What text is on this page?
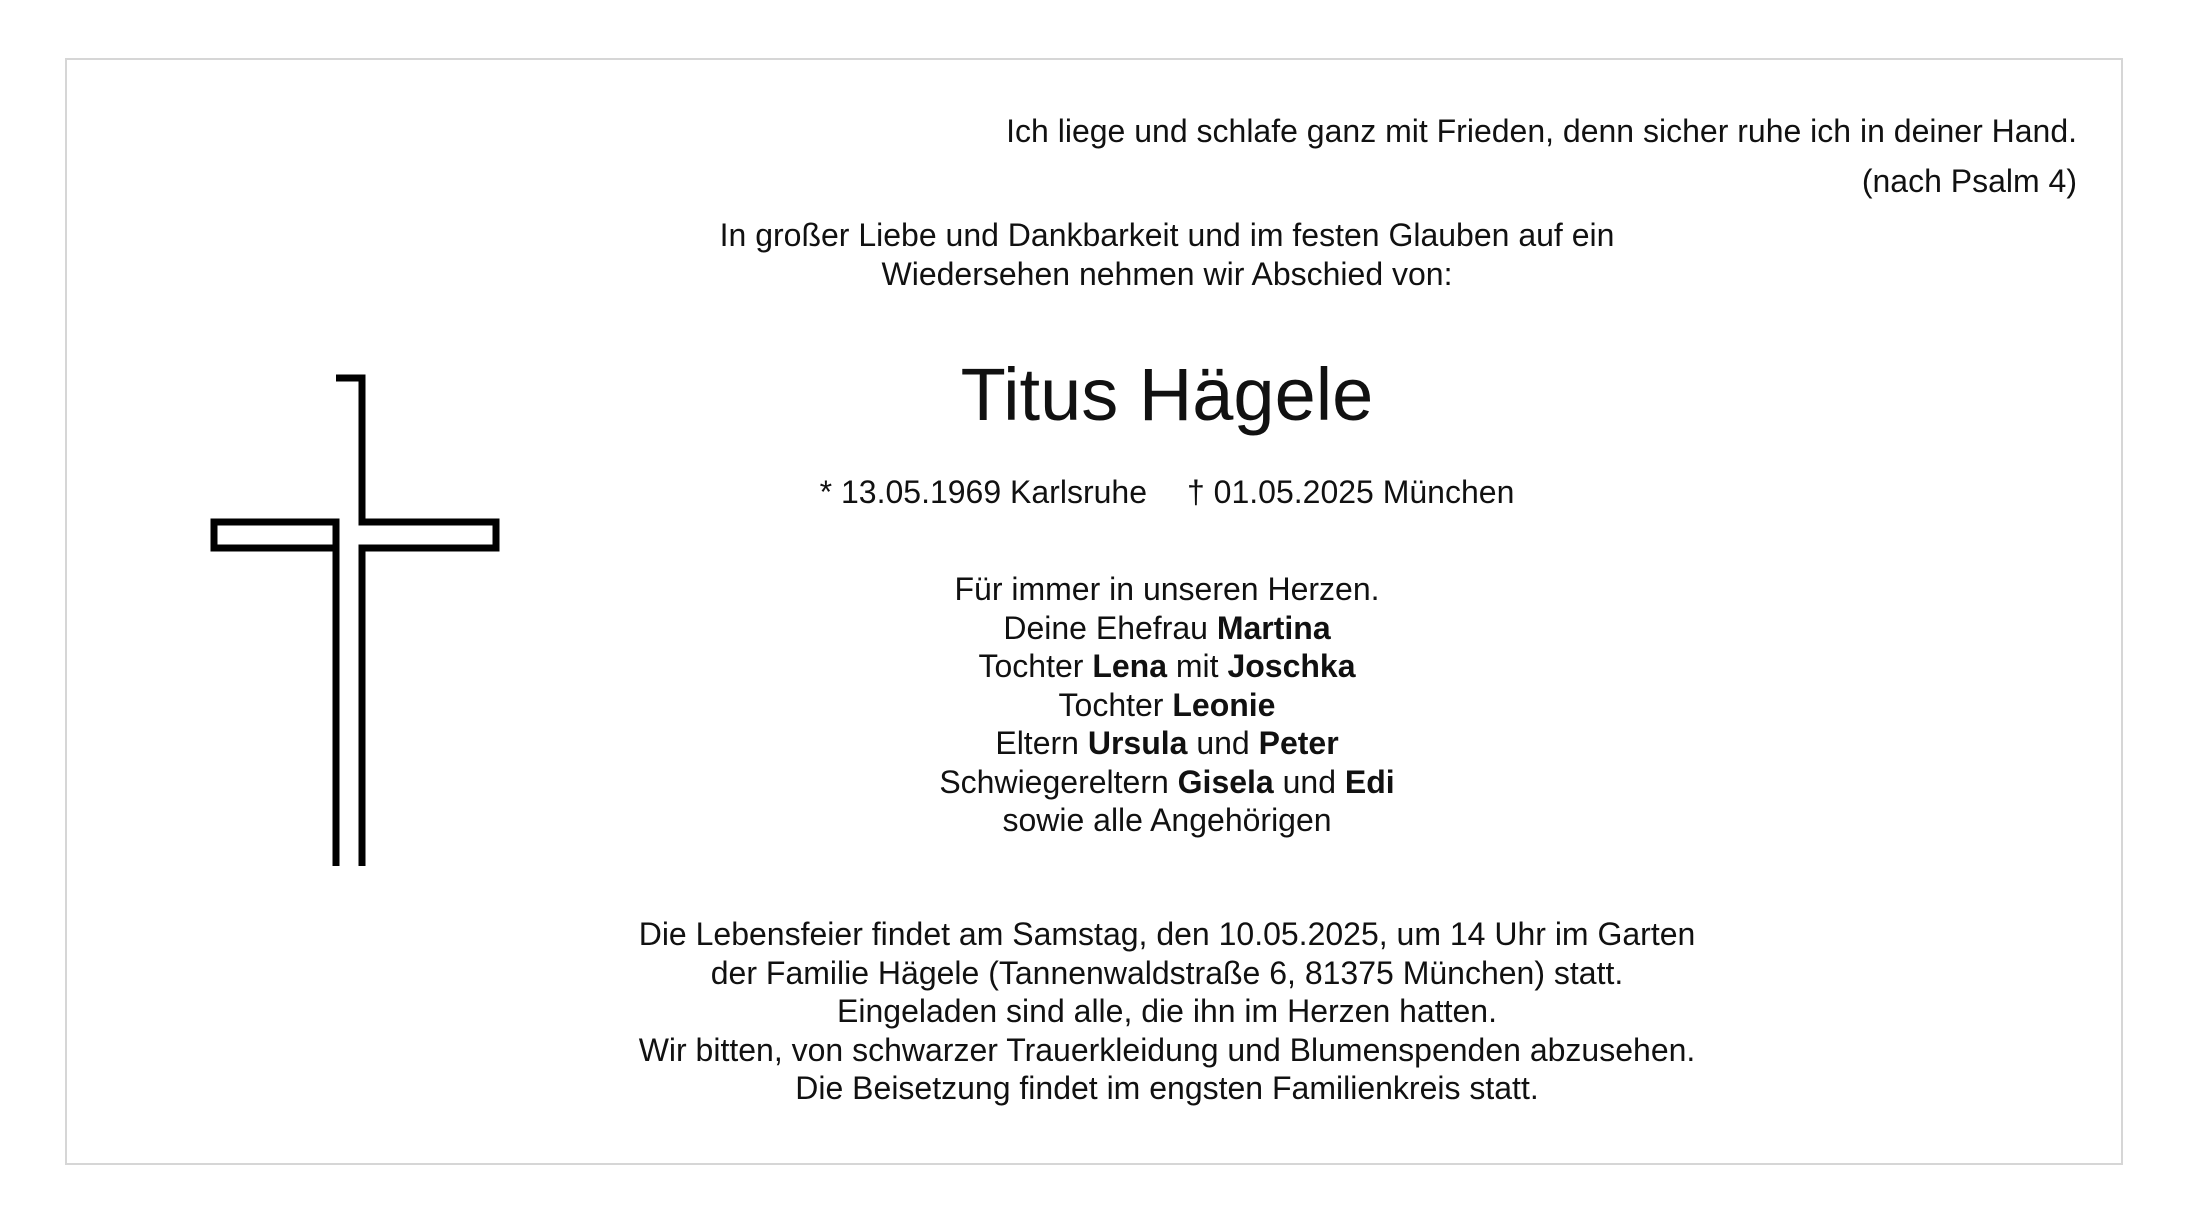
Ich liege und schlafe ganz mit Frieden, denn sicher ruhe ich in deiner Hand.
(nach Psalm 4)
In großer Liebe und Dankbarkeit und im festen Glauben auf ein
Wiedersehen nehmen wir Abschied von:
Titus Hägele
* 13.05.1969 Karlsruhe † 01.05.2025 München
Für immer in unseren Herzen.
Deine Ehefrau Martina
Tochter Lena mit Joschka
Tochter Leonie
Eltern Ursula und Peter
Schwiegereltern Gisela und Edi
sowie alle Angehörigen
Die Lebensfeier findet am Samstag, den 10.05.2025, um 14 Uhr im Garten
der Familie Hägele (Tannenwaldstraße 6, 81375 München) statt.
Eingeladen sind alle, die ihn im Herzen hatten.
Wir bitten, von schwarzer Trauerkleidung und Blumenspenden abzusehen.
Die Beisetzung findet im engsten Familienkreis statt.
